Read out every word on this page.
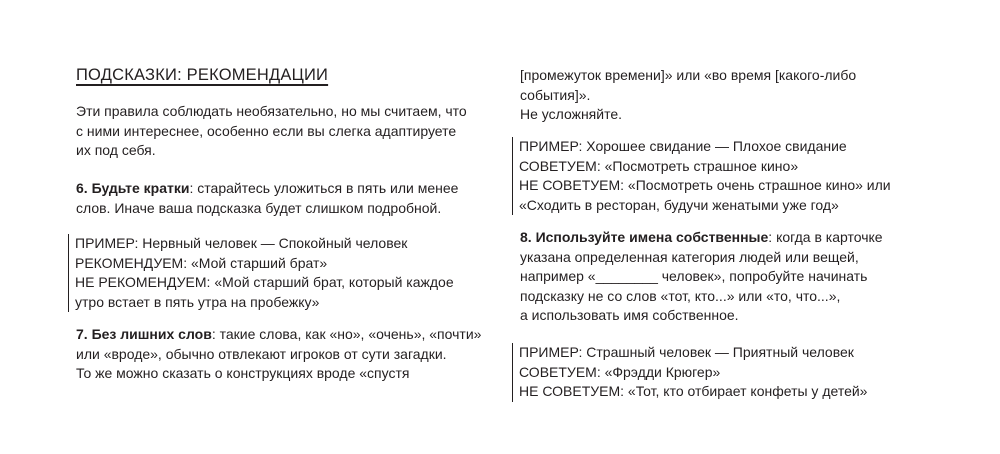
ПОДСКАЗКИ: РЕКОМЕНДАЦИИ

Эти правила соблюдать необязательно, но мы считаем, что
с ними интереснее, особенно если вы слегка адаптируете
их под себя.

6. Будьте кратки: старайтесь уложиться в пять или менее
слов. Иначе ваша подсказка будет слишком подробной.

ПРИМЕР: Нервный человек — Спокойный человек
РЕКОМЕНДУЕМ: «Мой старший брат»
НЕ РЕКОМЕНДУЕМ: «Мой старший брат, который каждое
утро встает в пять утра на пробежку»

7. Без лишних слов: такие слова, как «но», «очень», «почти»
или «вроде», обычно отвлекают игроков от сути загадки.
То же можно сказать о конструкциях вроде «спустя

[промежуток времени]» или «во время [какого-либо
события]».
Не усложняйте.

ПРИМЕР: Хорошее свидание — Плохое свидание
СОВЕТУЕМ: «Посмотреть страшное кино»
НЕ СОВЕТУЕМ: «Посмотреть очень страшное кино» или
«Сходить в ресторан, будучи женатыми уже год»

8. Используйте имена собственные: когда в карточке
указана определенная категория людей или вещей,
например «________ человек», попробуйте начинать
подсказку не со слов «тот, кто...» или «то, что...»,
а использовать имя собственное.

ПРИМЕР: Страшный человек — Приятный человек
СОВЕТУЕМ: «Фрэдди Крюгер»
НЕ СОВЕТУЕМ: «Тот, кто отбирает конфеты у детей»
